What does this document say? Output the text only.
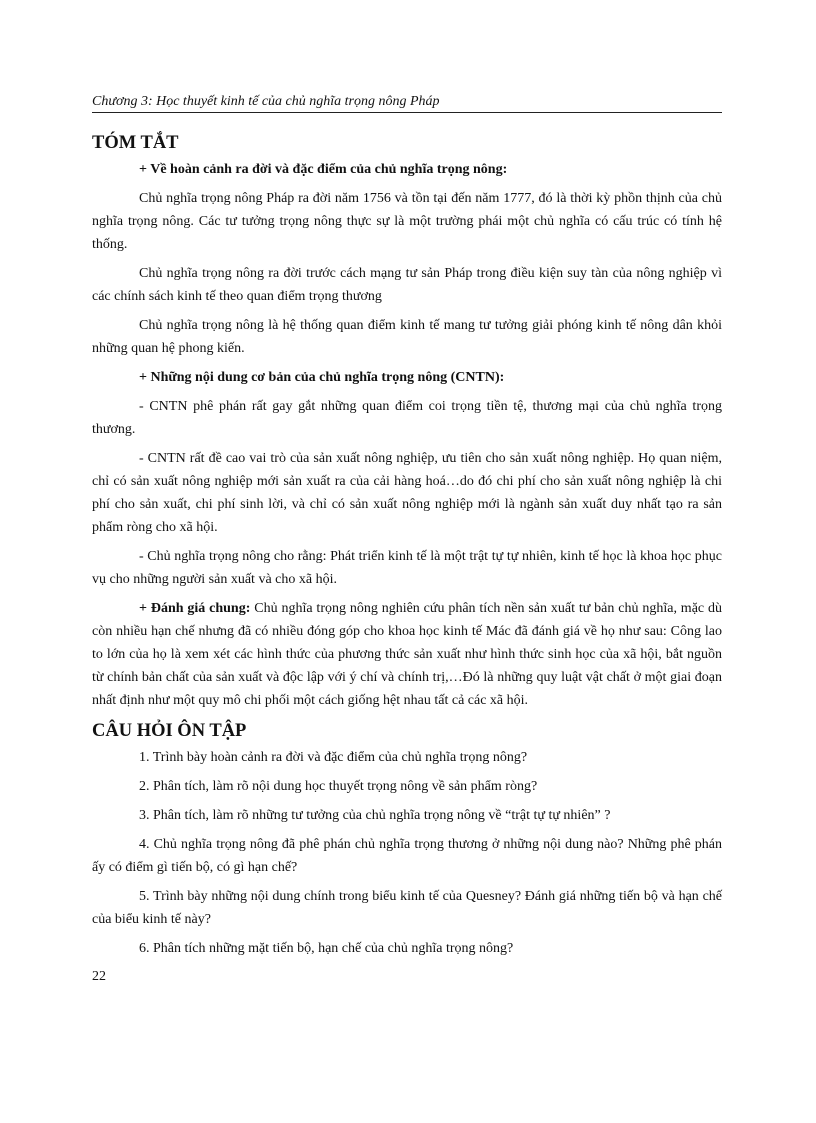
Chương 3: Học thuyết kinh tế của chủ nghĩa trọng nông Pháp
TÓM TẮT
+ Về hoàn cảnh ra đời và đặc điểm của chủ nghĩa trọng nông:

Chủ nghĩa trọng nông Pháp ra đời năm 1756 và tồn tại đến năm 1777, đó là thời kỳ phồn thịnh của chủ nghĩa trọng nông. Các tư tưởng trọng nông thực sự là một trường phái một chủ nghĩa có cấu trúc có tính hệ thống.

Chủ nghĩa trọng nông ra đời trước cách mạng tư sản Pháp trong điều kiện suy tàn của nông nghiệp vì các chính sách kinh tế theo quan điểm trọng thương

Chủ nghĩa trọng nông là hệ thống quan điểm kinh tế mang tư tưởng giải phóng kinh tế nông dân khỏi những quan hệ phong kiến.

+ Những nội dung cơ bản của chủ nghĩa trọng nông (CNTN):

- CNTN phê phán rất gay gắt những quan điểm coi trọng tiền tệ, thương mại của chủ nghĩa trọng thương.

- CNTN rất đề cao vai trò của sản xuất nông nghiệp, ưu tiên cho sản xuất nông nghiệp. Họ quan niệm, chỉ có sản xuất nông nghiệp mới sản xuất ra của cải hàng hoá…do đó chi phí cho sản xuất nông nghiệp là chi phí cho sản xuất, chi phí sinh lời, và chỉ có sản xuất nông nghiệp mới là ngành sản xuất duy nhất tạo ra sản phẩm ròng cho xã hội.

- Chủ nghĩa trọng nông cho rằng: Phát triển kinh tế là một trật tự tự nhiên, kinh tế học là khoa học phục vụ cho những người sản xuất và cho xã hội.

+ Đánh giá chung: Chủ nghĩa trọng nông nghiên cứu phân tích nền sản xuất tư bản chủ nghĩa, mặc dù còn nhiều hạn chế nhưng đã có nhiều đóng góp cho khoa học kinh tế Mác đã đánh giá về họ như sau: Công lao to lớn của họ là xem xét các hình thức của phương thức sản xuất như hình thức sinh học của xã hội, bắt nguồn từ chính bản chất của sản xuất và độc lập với ý chí và chính trị,…Đó là những quy luật vật chất ở một giai đoạn nhất định như một quy mô chi phối một cách giống hệt nhau tất cả các xã hội.

CÂU HỎI ÔN TẬP
1. Trình bày hoàn cảnh ra đời và đặc điểm của chủ nghĩa trọng nông?
2. Phân tích, làm rõ nội dung học thuyết trọng nông về sản phẩm ròng?
3. Phân tích, làm rõ những tư tưởng của chủ nghĩa trọng nông về “trật tự tự nhiên” ?
4. Chủ nghĩa trọng nông đã phê phán chủ nghĩa trọng thương ở những nội dung nào? Những phê phán ấy có điểm gì tiến bộ, có gì hạn chế?
5. Trình bày những nội dung chính trong biểu kinh tế của Quesney? Đánh giá những tiến bộ và hạn chế của biểu kinh tế này?
6. Phân tích những mặt tiến bộ, hạn chế của chủ nghĩa trọng nông?
22
